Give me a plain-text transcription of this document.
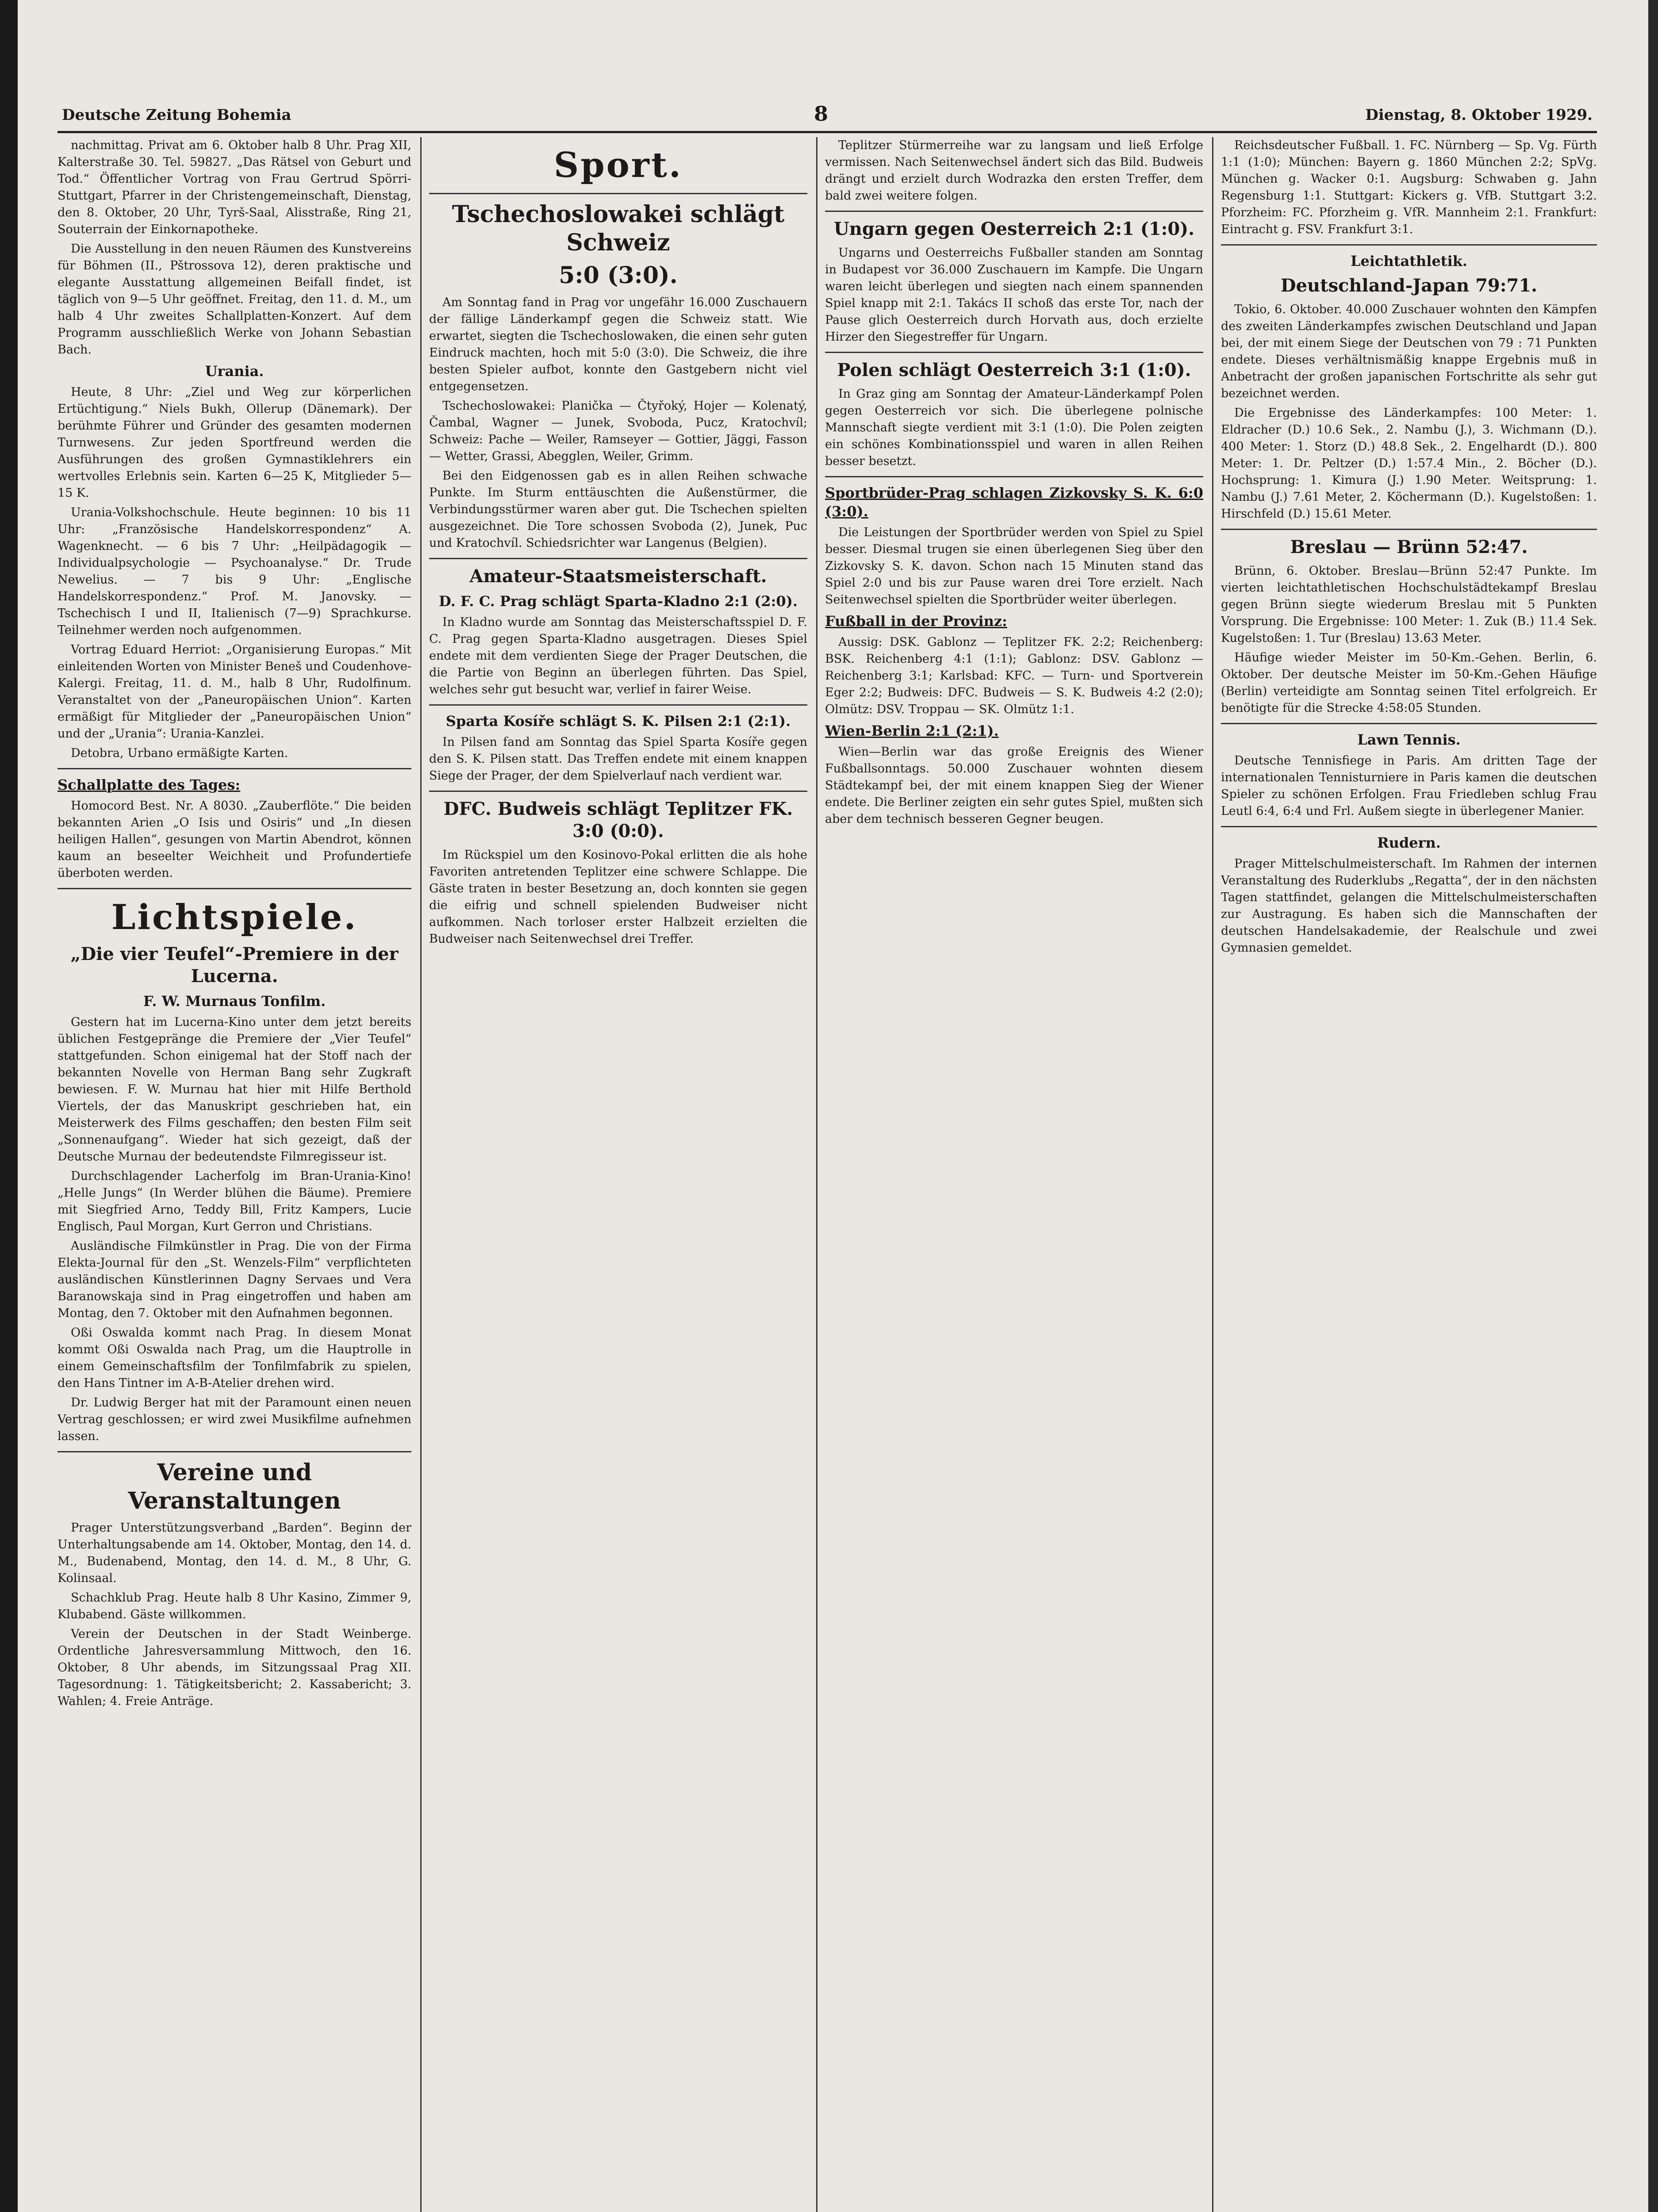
Deutsche Zeitung Bohemia	8	Dienstag, 8. Oktober 1929.

nachmittag. Privat am 6. Oktober halb 8 Uhr. Prag XII, Kalterstraße 30. Tel. 59827. „Das Rätsel von Geburt und Tod.“ Öffentlicher Vortrag von Frau Gertrud Spörri-Stuttgart, Pfarrer in der Christengemeinschaft, Dienstag, den 8. Oktober, 20 Uhr, Tyrš-Saal, Alisstraße, Ring 21, Souterrain der Einkornapotheke.

Die Ausstellung in den neuen Räumen des Kunstvereins für Böhmen (II., Pštrossova 12), deren praktische und elegante Ausstattung allgemeinen Beifall findet, ist täglich von 9—5 Uhr geöffnet. Freitag, den 11. d. M., um halb 4 Uhr zweites Schallplatten-Konzert. Auf dem Programm ausschließlich Werke von Johann Sebastian Bach.

Urania.

Heute, 8 Uhr: „Ziel und Weg zur körperlichen Ertüchtigung.“ Niels Bukh, Ollerup (Dänemark). Der berühmte Führer und Gründer des gesamten modernen Turnwesens. Zur jeden Sportfreund werden die Ausführungen des großen Gymnastiklehrers ein wertvolles Erlebnis sein. Karten 6—25 K, Mitglieder 5—15 K.

Urania-Volkshochschule. Heute beginnen: 10 bis 11 Uhr: „Französische Handelskorrespondenz“ A. Wagenknecht. — 6 bis 7 Uhr: „Heilpädagogik — Individualpsychologie — Psychoanalyse.“ Dr. Trude Newelius. — 7 bis 9 Uhr: „Englische Handelskorrespondenz.“ Prof. M. Janovsky. — Tschechisch I und II, Italienisch (7—9) Sprachkurse. Teilnehmer werden noch aufgenommen.

Vortrag Eduard Herriot: „Organisierung Europas.“ Mit einleitenden Worten von Minister Beneš und Coudenhove-Kalergi. Freitag, 11. d. M., halb 8 Uhr, Rudolfinum. Veranstaltet von der „Paneuropäischen Union“. Karten ermäßigt für Mitglieder der „Paneuropäischen Union“ und der „Urania“: Urania-Kanzlei.

Detobra, Urbano ermäßigte Karten.

Schallplatte des Tages:

Homocord Best. Nr. A 8030. „Zauberflöte.“ Die beiden bekannten Arien „O Isis und Osiris“ und „In diesen heiligen Hallen“, gesungen von Martin Abendrot, können kaum an beseelter Weichheit und Profundertiefe überboten werden.

Lichtspiele.
„Die vier Teufel“-Premiere in der Lucerna.
F. W. Murnaus Tonfilm.

Gestern hat im Lucerna-Kino unter dem jetzt bereits üblichen Festgepränge die Premiere der „Vier Teufel“ stattgefunden. Schon einigemal hat der Stoff nach der bekannten Novelle von Herman Bang sehr Zugkraft bewiesen. F. W. Murnau hat hier mit Hilfe Berthold Viertels, der das Manuskript geschrieben hat, ein Meisterwerk des Films geschaffen; den besten Film seit „Sonnenaufgang“. Wieder hat sich gezeigt, daß der Deutsche Murnau der bedeutendste Filmregisseur ist.

Durchschlagender Lacherfolg im Bran-Urania-Kino! „Helle Jungs“ (In Werder blühen die Bäume). Premiere mit Siegfried Arno, Teddy Bill, Fritz Kampers, Lucie Englisch, Paul Morgan, Kurt Gerron und Christians.

Ausländische Filmkünstler in Prag. Die von der Firma Elekta-Journal für den „St. Wenzels-Film“ verpflichteten ausländischen Künstlerinnen Dagny Servaes und Vera Baranowskaja sind in Prag eingetroffen und haben am Montag, den 7. Oktober mit den Aufnahmen begonnen.

Oßi Oswalda kommt nach Prag. In diesem Monat kommt Oßi Oswalda nach Prag, um die Hauptrolle in einem Gemeinschaftsfilm der Tonfilmfabrik zu spielen, den Hans Tintner im A-B-Atelier drehen wird.

Dr. Ludwig Berger hat mit der Paramount einen neuen Vertrag geschlossen; er wird zwei Musikfilme aufnehmen lassen.

Vereine und Veranstaltungen

Prager Unterstützungsverband „Barden“. Beginn der Unterhaltungsabende am 14. Oktober, Montag, den 14. d. M., Budenabend, Montag, den 14. d. M., 8 Uhr, G. Kolinsaal.

Schachklub Prag. Heute halb 8 Uhr Kasino, Zimmer 9, Klubabend. Gäste willkommen.

Verein der Deutschen in der Stadt Weinberge. Ordentliche Jahresversammlung Mittwoch, den 16. Oktober, 8 Uhr abends, im Sitzungssaal Prag XII. Tagesordnung: 1. Tätigkeitsbericht; 2. Kassabericht; 3. Wahlen; 4. Freie Anträge.

Sport.
Tschechoslowakei schlägt Schweiz
5:0 (3:0).

Am Sonntag fand in Prag vor ungefähr 16.000 Zuschauern der fällige Länderkampf gegen die Schweiz statt. Wie erwartet, siegten die Tschechoslowaken, die einen sehr guten Eindruck machten, hoch mit 5:0 (3:0). Die Schweiz, die ihre besten Spieler aufbot, konnte den Gastgebern nicht viel entgegensetzen.

Tschechoslowakei: Planička — Čtyřoký, Hojer — Kolenatý, Čambal, Wagner — Junek, Svoboda, Pucz, Kratochvíl; Schweiz: Pache — Weiler, Ramseyer — Gottier, Jäggi, Fasson — Wetter, Grassi, Abegglen, Weiler, Grimm.

Bei den Eidgenossen gab es in allen Reihen schwache Punkte. Im Sturm enttäuschten die Außenstürmer, die Verbindungsstürmer waren aber gut. Die Tschechen spielten ausgezeichnet. Die Tore schossen Svoboda (2), Junek, Puc und Kratochvíl. Schiedsrichter war Langenus (Belgien).

Amateur-Staatsmeisterschaft.
D. F. C. Prag schlägt Sparta-Kladno 2:1 (2:0).

In Kladno wurde am Sonntag das Meisterschaftsspiel D. F. C. Prag gegen Sparta-Kladno ausgetragen. Dieses Spiel endete mit dem verdienten Siege der Prager Deutschen, die die Partie von Beginn an überlegen führten. Das Spiel, welches sehr gut besucht war, verlief in fairer Weise.

Sparta Kosíře schlägt S. K. Pilsen 2:1 (2:1).

In Pilsen fand am Sonntag das Spiel Sparta Kosíře gegen den S. K. Pilsen statt. Das Treffen endete mit einem knappen Siege der Prager, der dem Spielverlauf nach verdient war.

DFC. Budweis schlägt Teplitzer FK. 3:0 (0:0).

Im Rückspiel um den Kosinovo-Pokal erlitten die als hohe Favoriten antretenden Teplitzer eine schwere Schlappe. Die Gäste traten in bester Besetzung an, doch konnten sie gegen die eifrig und schnell spielenden Budweiser nicht aufkommen. Nach torloser erster Halbzeit erzielten die Budweiser nach Seitenwechsel drei Treffer.

Teplitzer Stürmerreihe war zu langsam und ließ Erfolge vermissen. Nach Seitenwechsel ändert sich das Bild. Budweis drängt und erzielt durch Wodrazka den ersten Treffer, dem bald zwei weitere folgen.

Ungarn gegen Oesterreich 2:1 (1:0).

Ungarns und Oesterreichs Fußballer standen am Sonntag in Budapest vor 36.000 Zuschauern im Kampfe. Die Ungarn waren leicht überlegen und siegten nach einem spannenden Spiel knapp mit 2:1. Takács II schoß das erste Tor, nach der Pause glich Oesterreich durch Horvath aus, doch erzielte Hirzer den Siegestreffer für Ungarn.

Polen schlägt Oesterreich 3:1 (1:0).

In Graz ging am Sonntag der Amateur-Länderkampf Polen gegen Oesterreich vor sich. Die überlegene polnische Mannschaft siegte verdient mit 3:1 (1:0). Die Polen zeigten ein schönes Kombinationsspiel und waren in allen Reihen besser besetzt.

Sportbrüder-Prag schlagen Zizkovsky S. K. 6:0 (3:0).

Die Leistungen der Sportbrüder werden von Spiel zu Spiel besser. Diesmal trugen sie einen überlegenen Sieg über den Zizkovsky S. K. davon. Schon nach 15 Minuten stand das Spiel 2:0 und bis zur Pause waren drei Tore erzielt. Nach Seitenwechsel spielten die Sportbrüder weiter überlegen.

Fußball in der Provinz:

Aussig: DSK. Gablonz — Teplitzer FK. 2:2; Reichenberg: BSK. Reichenberg 4:1 (1:1); Gablonz: DSV. Gablonz — Reichenberg 3:1; Karlsbad: KFC. — Turn- und Sportverein Eger 2:2; Budweis: DFC. Budweis — S. K. Budweis 4:2 (2:0); Olmütz: DSV. Troppau — SK. Olmütz 1:1.

Wien-Berlin 2:1 (2:1).

Wien—Berlin war das große Ereignis des Wiener Fußballsonntags. 50.000 Zuschauer wohnten diesem Städtekampf bei, der mit einem knappen Sieg der Wiener endete. Die Berliner zeigten ein sehr gutes Spiel, mußten sich aber dem technisch besseren Gegner beugen.

Reichsdeutscher Fußball. 1. FC. Nürnberg — Sp. Vg. Fürth 1:1 (1:0); München: Bayern g. 1860 München 2:2; SpVg. München g. Wacker 0:1. Augsburg: Schwaben g. Jahn Regensburg 1:1. Stuttgart: Kickers g. VfB. Stuttgart 3:2. Pforzheim: FC. Pforzheim g. VfR. Mannheim 2:1. Frankfurt: Eintracht g. FSV. Frankfurt 3:1.

Leichtathletik.
Deutschland-Japan 79:71.

Tokio, 6. Oktober. 40.000 Zuschauer wohnten den Kämpfen des zweiten Länderkampfes zwischen Deutschland und Japan bei, der mit einem Siege der Deutschen von 79 : 71 Punkten endete. Dieses verhältnismäßig knappe Ergebnis muß in Anbetracht der großen japanischen Fortschritte als sehr gut bezeichnet werden.

Die Ergebnisse des Länderkampfes: 100 Meter: 1. Eldracher (D.) 10.6 Sek., 2. Nambu (J.), 3. Wichmann (D.). 400 Meter: 1. Storz (D.) 48.8 Sek., 2. Engelhardt (D.). 800 Meter: 1. Dr. Peltzer (D.) 1:57.4 Min., 2. Böcher (D.). Hochsprung: 1. Kimura (J.) 1.90 Meter. Weitsprung: 1. Nambu (J.) 7.61 Meter, 2. Köchermann (D.). Kugelstoßen: 1. Hirschfeld (D.) 15.61 Meter.

Breslau — Brünn 52:47.

Brünn, 6. Oktober. Breslau—Brünn 52:47 Punkte. Im vierten leichtathletischen Hochschulstädtekampf Breslau gegen Brünn siegte wiederum Breslau mit 5 Punkten Vorsprung. Die Ergebnisse: 100 Meter: 1. Zuk (B.) 11.4 Sek. Kugelstoßen: 1. Tur (Breslau) 13.63 Meter.

Häufige wieder Meister im 50-Km.-Gehen. Berlin, 6. Oktober. Der deutsche Meister im 50-Km.-Gehen Häufige (Berlin) verteidigte am Sonntag seinen Titel erfolgreich. Er benötigte für die Strecke 4:58:05 Stunden.

Lawn Tennis.

Deutsche Tennisfiege in Paris. Am dritten Tage der internationalen Tennisturniere in Paris kamen die deutschen Spieler zu schönen Erfolgen. Frau Friedleben schlug Frau Leutl 6:4, 6:4 und Frl. Außem siegte in überlegener Manier.

Rudern.

Prager Mittelschulmeisterschaft. Im Rahmen der internen Veranstaltung des Ruderklubs „Regatta“, der in den nächsten Tagen stattfindet, gelangen die Mittelschulmeisterschaften zur Austragung. Es haben sich die Mannschaften der deutschen Handelsakademie, der Realschule und zwei Gymnasien gemeldet.
